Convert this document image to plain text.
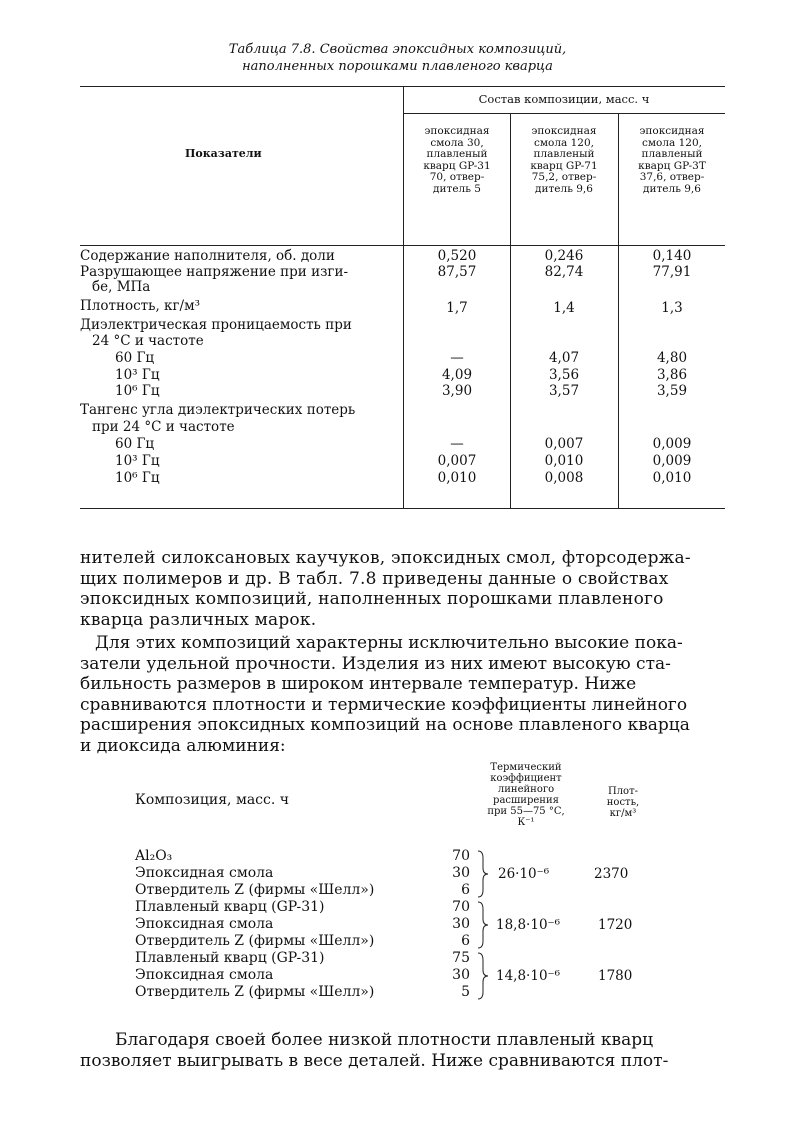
Таблица 7.8. Свойства эпоксидных композиций,
наполненных порошками плавленого кварца
Показатели
Состав композиции, масс. ч
эпоксидная
смола 30,
плавленый
кварц GP-31
70, отвер-
дитель 5
эпоксидная
смола 120,
плавленый
кварц GP-71
75,2, отвер-
дитель 9,6
эпоксидная
смола 120,
плавленый
кварц GP-3T
37,6, отвер-
дитель 9,6
Содержание наполнителя, об. доли	0,520	0,246	0,140
Разрушающее напряжение при изги-	87,57	82,74	77,91
бе, МПа
Плотность, кг/м³	1,7	1,4	1,3
Диэлектрическая проницаемость при
24 °С и частоте
60 Гц	—	4,07	4,80
10³ Гц	4,09	3,56	3,86
10⁶ Гц	3,90	3,57	3,59
Тангенс угла диэлектрических потерь
при 24 °С и частоте
60 Гц	—	0,007	0,009
10³ Гц	0,007	0,010	0,009
10⁶ Гц	0,010	0,008	0,010
нителей силоксановых каучуков, эпоксидных смол, фторсодержа-
щих полимеров и др. В табл. 7.8 приведены данные о свойствах
эпоксидных композиций, наполненных порошками плавленого
кварца различных марок.
Для этих композиций характерны исключительно высокие пока-
затели удельной прочности. Изделия из них имеют высокую ста-
бильность размеров в широком интервале температур. Ниже
сравниваются плотности и термические коэффициенты линейного
расширения эпоксидных композиций на основе плавленого кварца
и диоксида алюминия:
Композиция, масс. ч
Термический
коэффициент
линейного
расширения
при 55—75 °С,
К⁻¹
Плот-
ность,
кг/м³
Al₂O₃	70
Эпоксидная смола	30
Отвердитель Z (фирмы «Шелл»)	6
26·10⁻⁶	2370
Плавленый кварц (GP-31)	70
Эпоксидная смола	30
Отвердитель Z (фирмы «Шелл»)	6
18,8·10⁻⁶	1720
Плавленый кварц (GP-31)	75
Эпоксидная смола	30
Отвердитель Z (фирмы «Шелл»)	5
14,8·10⁻⁶	1780
Благодаря своей более низкой плотности плавленый кварц
позволяет выигрывать в весе деталей. Ниже сравниваются плот-
